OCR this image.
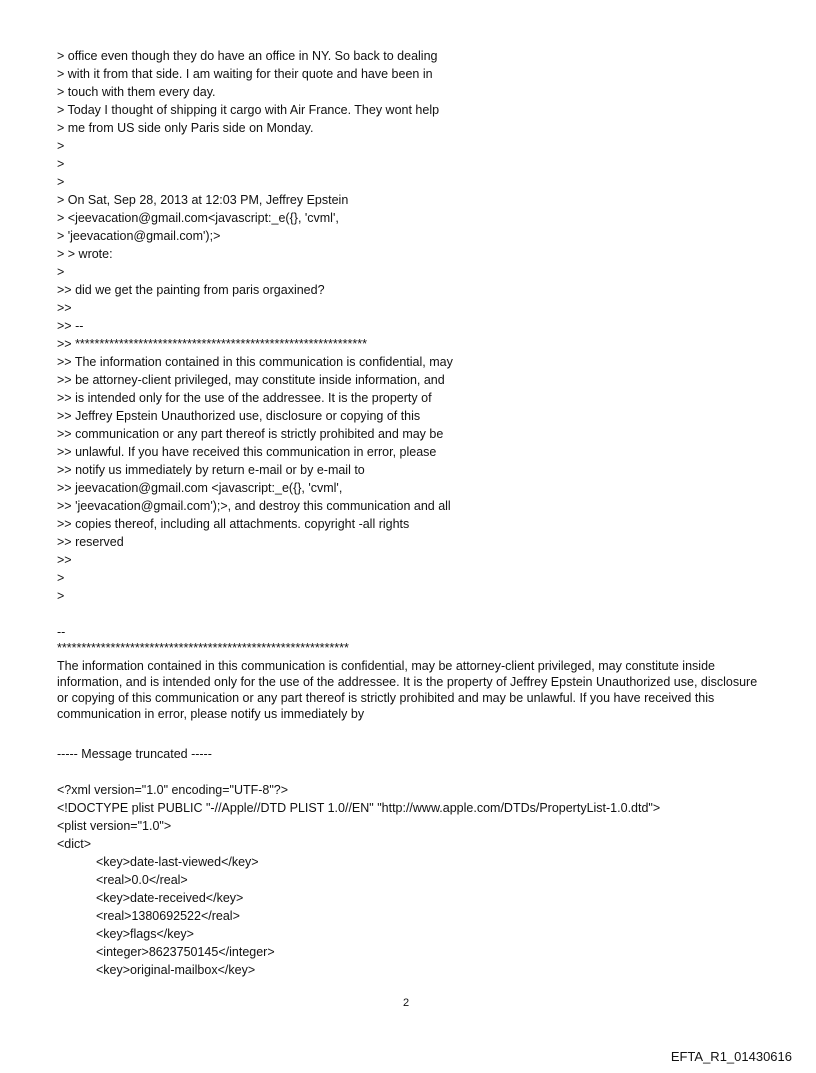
> office even though they do have an office in NY. So back to dealing

> with it from that side. I am waiting for their quote and have been in

> touch with them every day.

> Today I thought of shipping it cargo with Air France. They wont help

> me from US side only Paris side on Monday.

>

>

>

> On Sat, Sep 28, 2013 at 12:03 PM, Jeffrey Epstein

> <jeevacation@gmail.com<javascript:_e({}, 'cvml',

> 'jeevacation@gmail.com');>

> > wrote:

>

>> did we get the painting from paris orgaxined?

>>

>> --

>> ************************************************************

>> The information contained in this communication is confidential, may

>> be attorney-client privileged, may constitute inside information, and

>> is intended only for the use of the addressee. It is the property of

>> Jeffrey Epstein Unauthorized use, disclosure or copying of this

>> communication or any part thereof is strictly prohibited and may be

>> unlawful. If you have received this communication in error, please

>> notify us immediately by return e-mail or by e-mail to

>> jeevacation@gmail.com <javascript:_e({}, 'cvml',

>> 'jeevacation@gmail.com');>, and destroy this communication and all

>> copies thereof, including all attachments. copyright -all rights

>> reserved

>>

>

>

--

************************************************************

The information contained in this communication is confidential, may be attorney-client privileged, may constitute inside information, and is intended only for the use of the addressee. It is the property of Jeffrey Epstein Unauthorized use, disclosure or copying of this communication or any part thereof is strictly prohibited and may be unlawful. If you have received this communication in error, please notify us immediately by

----- Message truncated -----

<?xml version="1.0" encoding="UTF-8"?>

<!DOCTYPE plist PUBLIC "-//Apple//DTD PLIST 1.0//EN" "http://www.apple.com/DTDs/PropertyList-1.0.dtd">

<plist version="1.0">

<dict>

<key>date-last-viewed</key>

<real>0.0</real>

<key>date-received</key>

<real>1380692522</real>

<key>flags</key>

<integer>8623750145</integer>

<key>original-mailbox</key>

2
EFTA_R1_01430616
